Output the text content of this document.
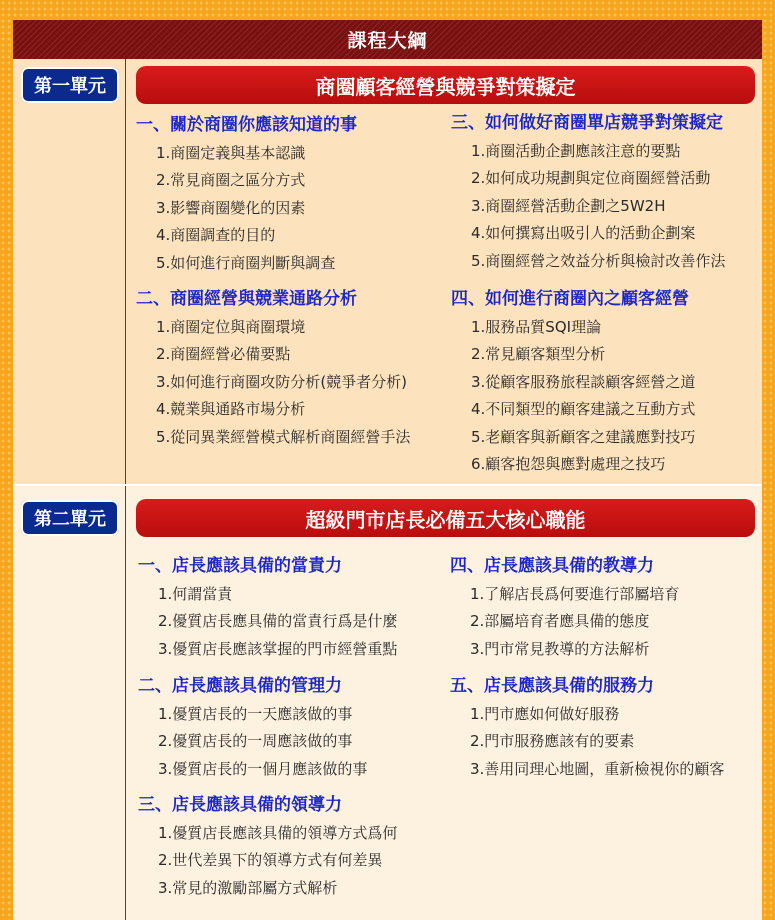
課程大綱
第一單元	商圈顧客經營與競爭對策擬定
一、關於商圈你應該知道的事
1.商圈定義與基本認識
2.常見商圈之區分方式
3.影響商圈變化的因素
4.商圈調查的目的
5.如何進行商圈判斷與調查
三、如何做好商圈單店競爭對策擬定
1.商圈活動企劃應該注意的要點
2.如何成功規劃與定位商圈經營活動
3.商圈經營活動企劃之5W2H
4.如何撰寫出吸引人的活動企劃案
5.商圈經營之效益分析與檢討改善作法
二、商圈經營與競業通路分析
1.商圈定位與商圈環境
2.商圈經營必備要點
3.如何進行商圈攻防分析(競爭者分析)
4.競業與通路市場分析
5.從同異業經營模式解析商圈經營手法
四、如何進行商圈內之顧客經營
1.服務品質SQI理論
2.常見顧客類型分析
3.從顧客服務旅程談顧客經營之道
4.不同類型的顧客建議之互動方式
5.老顧客與新顧客之建議應對技巧
6.顧客抱怨與應對處理之技巧
第二單元	超級門市店長必備五大核心職能
一、店長應該具備的當責力
1.何謂當責
2.優質店長應具備的當責行爲是什麼
3.優質店長應該掌握的門市經營重點
四、店長應該具備的教導力
1.了解店長爲何要進行部屬培育
2.部屬培育者應具備的態度
3.門市常見教導的方法解析
二、店長應該具備的管理力
1.優質店長的一天應該做的事
2.優質店長的一周應該做的事
3.優質店長的一個月應該做的事
五、店長應該具備的服務力
1.門市應如何做好服務
2.門市服務應該有的要素
3.善用同理心地圖，重新檢視你的顧客
三、店長應該具備的領導力
1.優質店長應該具備的領導方式爲何
2.世代差異下的領導方式有何差異
3.常見的激勵部屬方式解析
